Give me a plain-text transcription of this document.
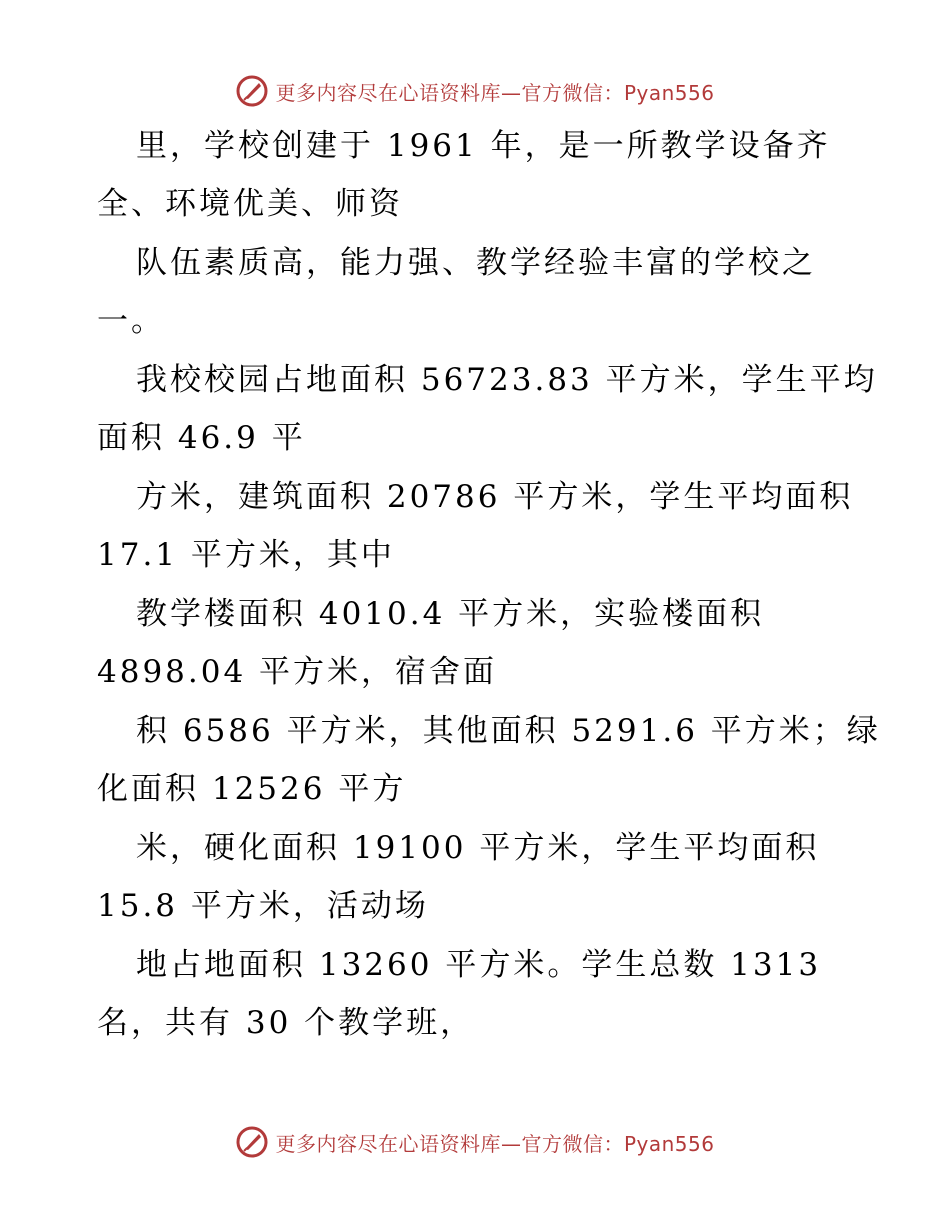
更多内容尽在心语资料库—官方微信：Pyan556
里，学校创建于 1961 年，是一所教学设备齐
全、环境优美、师资
队伍素质高，能力强、教学经验丰富的学校之
一。
我校校园占地面积 56723.83 平方米，学生平均
面积 46.9 平
方米，建筑面积 20786 平方米，学生平均面积
17.1 平方米，其中
教学楼面积 4010.4 平方米，实验楼面积
4898.04 平方米，宿舍面
积 6586 平方米，其他面积 5291.6 平方米；绿
化面积 12526 平方
米，硬化面积 19100 平方米，学生平均面积
15.8 平方米，活动场
地占地面积 13260 平方米。学生总数 1313
名，共有 30 个教学班，
更多内容尽在心语资料库—官方微信：Pyan556
